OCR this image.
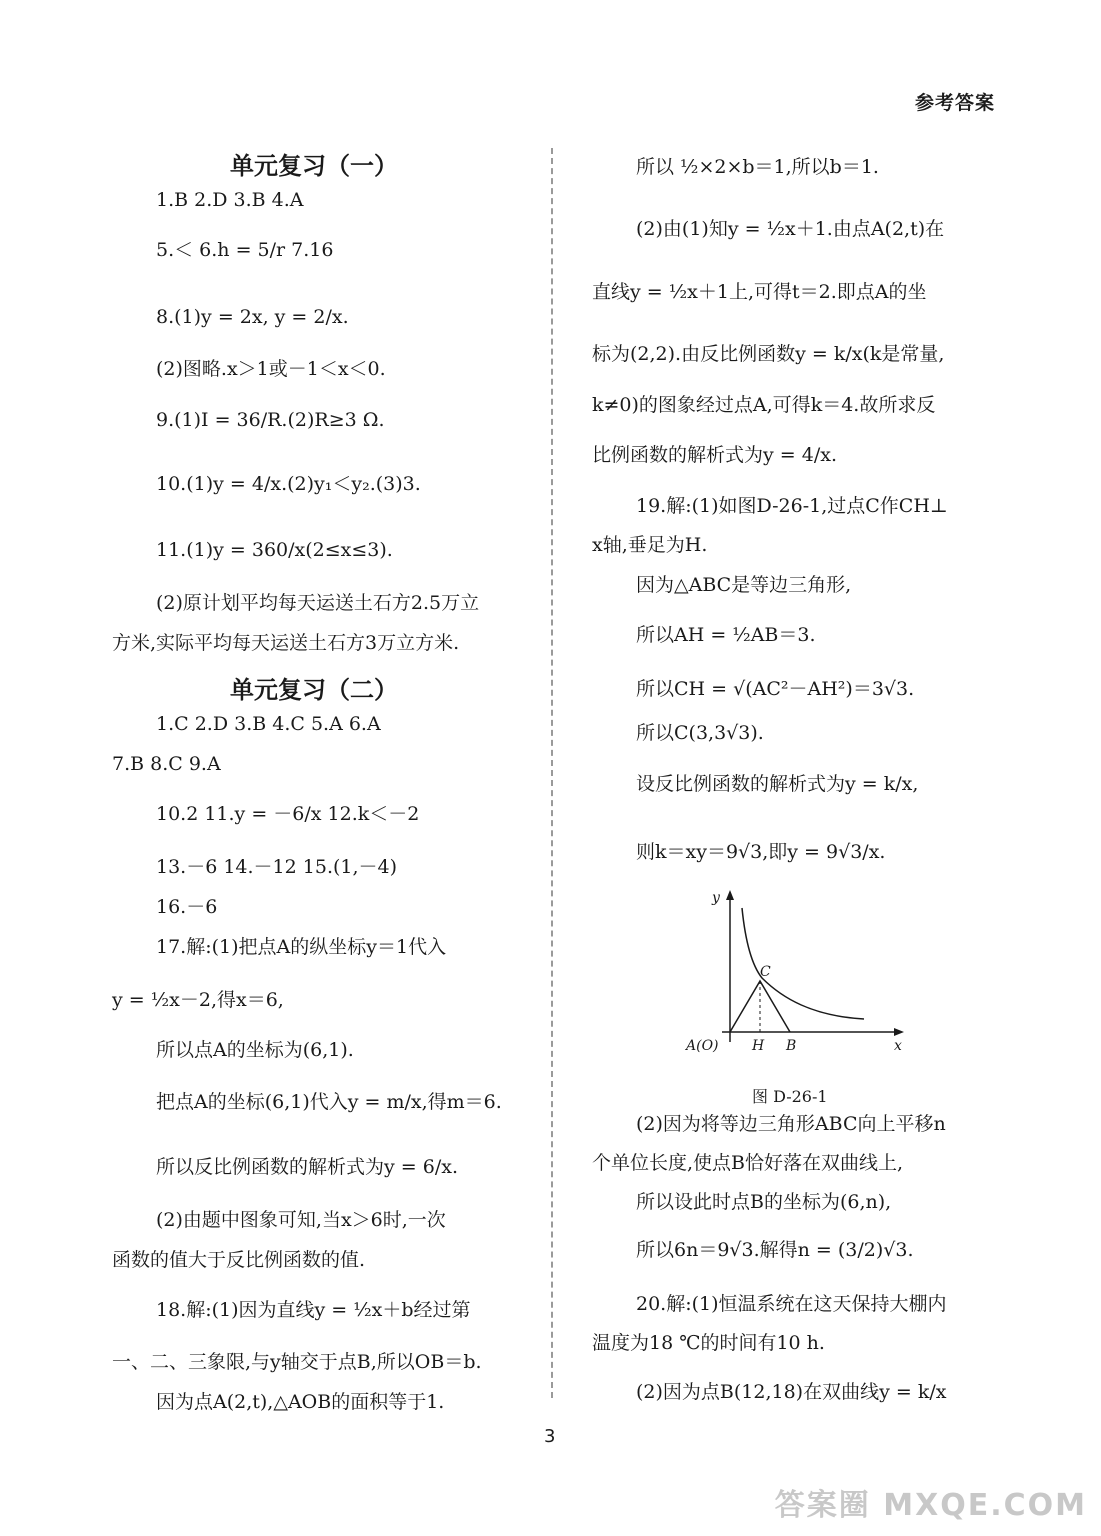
参考答案
单元复习（一）
1.B 2.D 3.B 4.A
5.＜ 6.h = 5/r 7.16
8.(1)y = 2x, y = 2/x.
(2)图略.x＞1或－1＜x＜0.
9.(1)I = 36/R.(2)R≥3 Ω.
10.(1)y = 4/x.(2)y₁＜y₂.(3)3.
11.(1)y = 360/x(2≤x≤3).
(2)原计划平均每天运送土石方2.5万立
方米,实际平均每天运送土石方3万立方米.
单元复习（二）
1.C 2.D 3.B 4.C 5.A 6.A
7.B 8.C 9.A
10.2 11.y = －6/x 12.k＜－2
13.－6 14.－12 15.(1,－4)
16.－6
17.解:(1)把点A的纵坐标y＝1代入
y = ½x－2,得x＝6,
所以点A的坐标为(6,1).
把点A的坐标(6,1)代入y = m/x,得m＝6.
所以反比例函数的解析式为y = 6/x.
(2)由题中图象可知,当x＞6时,一次
函数的值大于反比例函数的值.
18.解:(1)因为直线y = ½x＋b经过第
一、二、三象限,与y轴交于点B,所以OB＝b.
因为点A(2,t),△AOB的面积等于1.
所以 ½×2×b＝1,所以b＝1.
(2)由(1)知y = ½x＋1.由点A(2,t)在
直线y = ½x＋1上,可得t＝2.即点A的坐
标为(2,2).由反比例函数y = k/x(k是常量,
k≠0)的图象经过点A,可得k＝4.故所求反
比例函数的解析式为y = 4/x.
19.解:(1)如图D-26-1,过点C作CH⊥
x轴,垂足为H.
因为△ABC是等边三角形,
所以AH = ½AB＝3.
所以CH = √(AC²－AH²)＝3√3.
所以C(3,3√3).
设反比例函数的解析式为y = k/x,
则k＝xy＝9√3,即y = 9√3/x.
(2)因为将等边三角形ABC向上平移n
个单位长度,使点B恰好落在双曲线上,
所以设此时点B的坐标为(6,n),
所以6n＝9√3.解得n = (3/2)√3.
20.解:(1)恒温系统在这天保持大棚内
温度为18 ℃的时间有10 h.
(2)因为点B(12,18)在双曲线y = k/x
y
C
A(O) H B	x
图 D-26-1
3
答案圈 MXQE.COM
